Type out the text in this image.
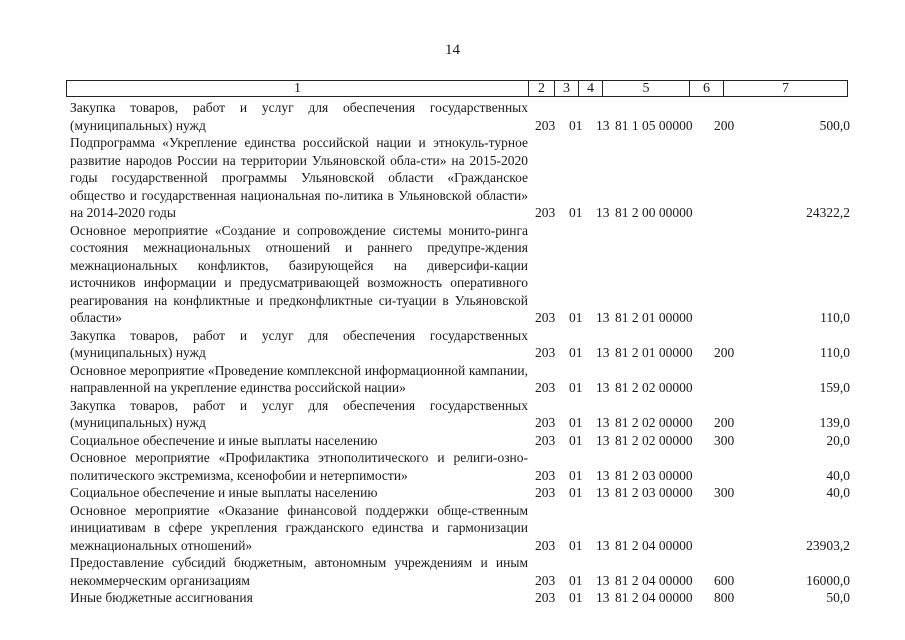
14
1	2	3	4	5	6	7
Закупка товаров, работ и услуг для обеспечения государственных (муниципальных) нужд	203 01 13 81 1 05 00000 200	500,0
Подпрограмма «Укрепление единства российской нации и этнокуль-турное развитие народов России на территории Ульяновской обла-сти» на 2015-2020 годы государственной программы Ульяновской области «Гражданское общество и государственная национальная по-литика в Ульяновской области» на 2014-2020 годы	203 01 13 81 2 00 00000	24322,2
Основное мероприятие «Создание и сопровождение системы монито-ринга состояния межнациональных отношений и раннего предупре-ждения межнациональных конфликтов, базирующейся на диверсифи-кации источников информации и предусматривающей возможность оперативного реагирования на конфликтные и предконфликтные си-туации в Ульяновской области»	203 01 13 81 2 01 00000	110,0
Закупка товаров, работ и услуг для обеспечения государственных (муниципальных) нужд	203 01 13 81 2 01 00000 200	110,0
Основное мероприятие «Проведение комплексной информационной кампании, направленной на укрепление единства российской нации»	203 01 13 81 2 02 00000	159,0
Закупка товаров, работ и услуг для обеспечения государственных (муниципальных) нужд	203 01 13 81 2 02 00000 200	139,0
Социальное обеспечение и иные выплаты населению	203 01 13 81 2 02 00000 300	20,0
Основное мероприятие «Профилактика этнополитического и религи-озно-политического экстремизма, ксенофобии и нетерпимости»	203 01 13 81 2 03 00000	40,0
Социальное обеспечение и иные выплаты населению	203 01 13 81 2 03 00000 300	40,0
Основное мероприятие «Оказание финансовой поддержки обще-ственным инициативам в сфере укрепления гражданского единства и гармонизации межнациональных отношений»	203 01 13 81 2 04 00000	23903,2
Предоставление субсидий бюджетным, автономным учреждениям и иным некоммерческим организациям	203 01 13 81 2 04 00000 600	16000,0
Иные бюджетные ассигнования	203 01 13 81 2 04 00000 800	50,0
